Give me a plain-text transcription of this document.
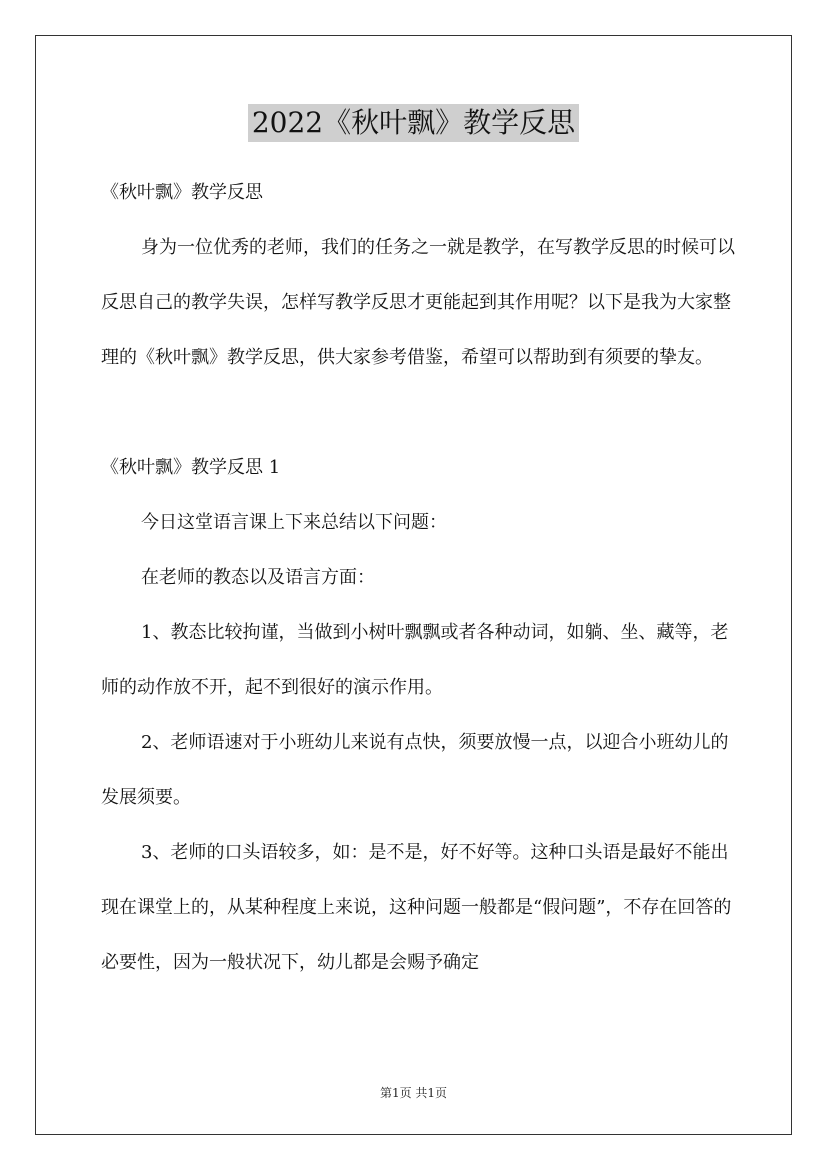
2022《秋叶飘》教学反思

《秋叶飘》教学反思

身为一位优秀的老师，我们的任务之一就是教学，在写教学反思的时候可以反思自己的教学失误，怎样写教学反思才更能起到其作用呢？以下是我为大家整理的《秋叶飘》教学反思，供大家参考借鉴，希望可以帮助到有须要的挚友。

《秋叶飘》教学反思 1

今日这堂语言课上下来总结以下问题：

在老师的教态以及语言方面：

1、教态比较拘谨，当做到小树叶飘飘或者各种动词，如躺、坐、藏等，老师的动作放不开，起不到很好的演示作用。

2、老师语速对于小班幼儿来说有点快，须要放慢一点，以迎合小班幼儿的发展须要。

3、老师的口头语较多，如：是不是，好不好等。这种口头语是最好不能出现在课堂上的，从某种程度上来说，这种问题一般都是“假问题”，不存在回答的必要性，因为一般状况下，幼儿都是会赐予确定

第1页 共1页
